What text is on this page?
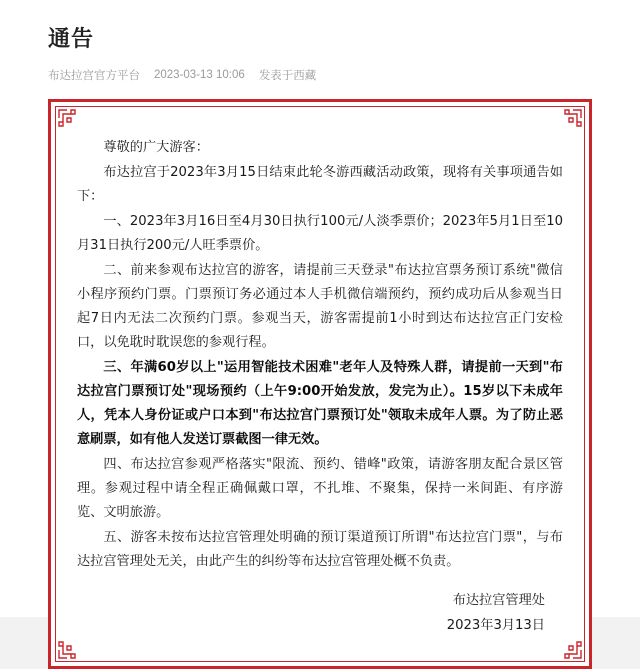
通告
布达拉宫官方平台 2023-03-13 10:06 发表于西藏

尊敬的广大游客：

布达拉宫于2023年3月15日结束此轮冬游西藏活动政策，现将有关事项通告如下：

一、2023年3月16日至4月30日执行100元/人淡季票价；2023年5月1日至10月31日执行200元/人旺季票价。

二、前来参观布达拉宫的游客，请提前三天登录"布达拉宫票务预订系统"微信小程序预约门票。门票预订务必通过本人手机微信端预约，预约成功后从参观当日起7日内无法二次预约门票。参观当天，游客需提前1小时到达布达拉宫正门安检口，以免耽时耽误您的参观行程。

三、年满60岁以上"运用智能技术困难"老年人及特殊人群，请提前一天到"布达拉宫门票预订处"现场预约（上午9:00开始发放，发完为止）。15岁以下未成年人，凭本人身份证或户口本到"布达拉宫门票预订处"领取未成年人票。为了防止恶意刷票，如有他人发送订票截图一律无效。

四、布达拉宫参观严格落实"限流、预约、错峰"政策，请游客朋友配合景区管理。参观过程中请全程正确佩戴口罩，不扎堆、不聚集，保持一米间距、有序游览、文明旅游。

五、游客未按布达拉宫管理处明确的预订渠道预订所谓"布达拉宫门票"，与布达拉宫管理处无关，由此产生的纠纷等布达拉宫管理处概不负责。

布达拉宫管理处
2023年3月13日
